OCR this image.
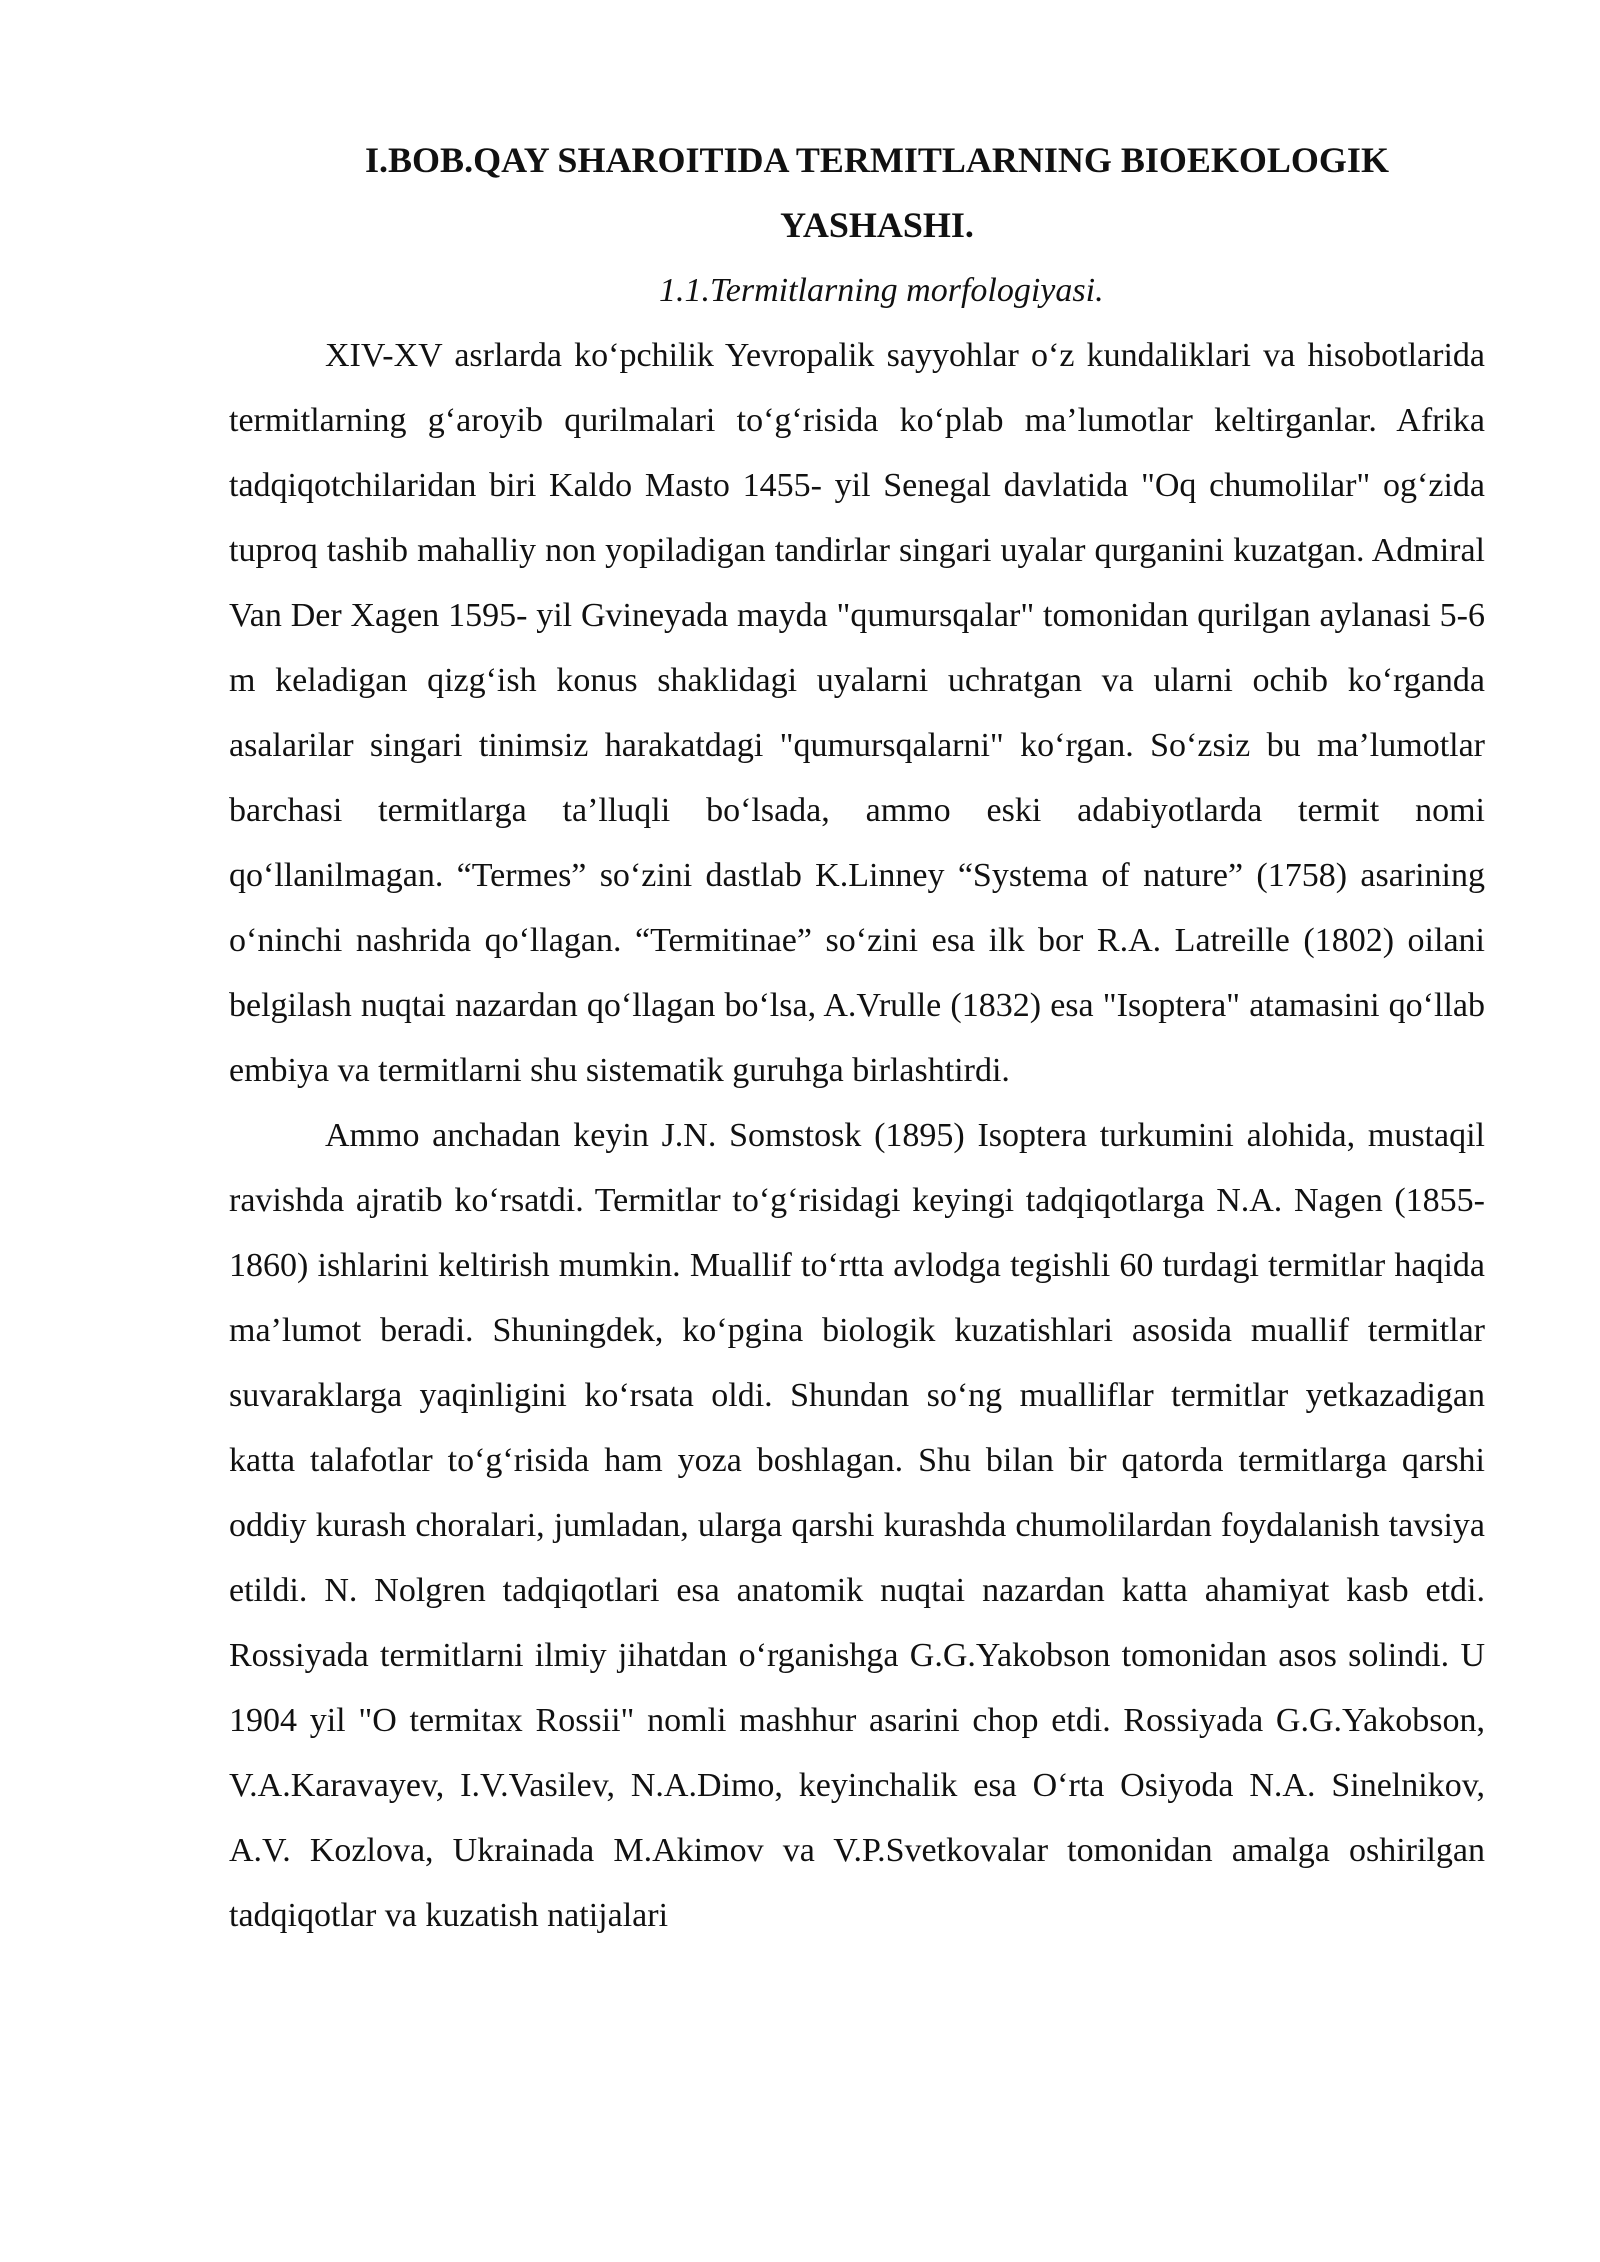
I.BOB.QAY SHAROITIDA TERMITLARNING BIOEKOLOGIK

YASHASHI.

1.1.Termitlarning morfologiyasi.

XIV-XV asrlarda ko‘pchilik Yevropalik sayyohlar o‘z kundaliklari va hisobotlarida termitlarning g‘aroyib qurilmalari to‘g‘risida ko‘plab ma’lumotlar keltirganlar. Afrika tadqiqotchilaridan biri Kaldo Masto 1455- yil Senegal davlatida "Oq chumolilar" og‘zida tuproq tashib mahalliy non yopiladigan tandirlar singari uyalar qurganini kuzatgan. Admiral Van Der Xagen 1595- yil Gvineyada mayda "qumursqalar" tomonidan qurilgan aylanasi 5-6 m keladigan qizg‘ish konus shaklidagi uyalarni uchratgan va ularni ochib ko‘rganda asalarilar singari tinimsiz harakatdagi "qumursqalarni" ko‘rgan. So‘zsiz bu ma’lumotlar barchasi termitlarga ta’lluqli bo‘lsada, ammo eski adabiyotlarda termit nomi qo‘llanilmagan. “Termes” so‘zini dastlab K.Linney “Systema of nature” (1758) asarining o‘ninchi nashrida qo‘llagan. “Termitinae” so‘zini esa ilk bor R.A. Latreille (1802) oilani belgilash nuqtai nazardan qo‘llagan bo‘lsa, A.Vrulle (1832) esa "Isoptera" atamasini qo‘llab embiya va termitlarni shu sistematik guruhga birlashtirdi.

Ammo anchadan keyin J.N. Somstosk (1895) Isoptera turkumini alohida, mustaqil ravishda ajratib ko‘rsatdi. Termitlar to‘g‘risidagi keyingi tadqiqotlarga N.A. Nagen (1855-1860) ishlarini keltirish mumkin. Muallif to‘rtta avlodga tegishli 60 turdagi termitlar haqida ma’lumot beradi. Shuningdek, ko‘pgina biologik kuzatishlari asosida muallif termitlar suvaraklarga yaqinligini ko‘rsata oldi. Shundan so‘ng mualliflar termitlar yetkazadigan katta talafotlar to‘g‘risida ham yoza boshlagan. Shu bilan bir qatorda termitlarga qarshi oddiy kurash choralari, jumladan, ularga qarshi kurashda chumolilardan foydalanish tavsiya etildi. N. Nolgren tadqiqotlari esa anatomik nuqtai nazardan katta ahamiyat kasb etdi. Rossiyada termitlarni ilmiy jihatdan o‘rganishga G.G.Yakobson tomonidan asos solindi. U 1904 yil "O termitax Rossii" nomli mashhur asarini chop etdi. Rossiyada G.G.Yakobson, V.A.Karavayev, I.V.Vasilev, N.A.Dimo, keyinchalik esa O‘rta Osiyoda N.A. Sinelnikov, A.V. Kozlova, Ukrainada M.Akimov va V.P.Svetkovalar tomonidan amalga oshirilgan tadqiqotlar va kuzatish natijalari
